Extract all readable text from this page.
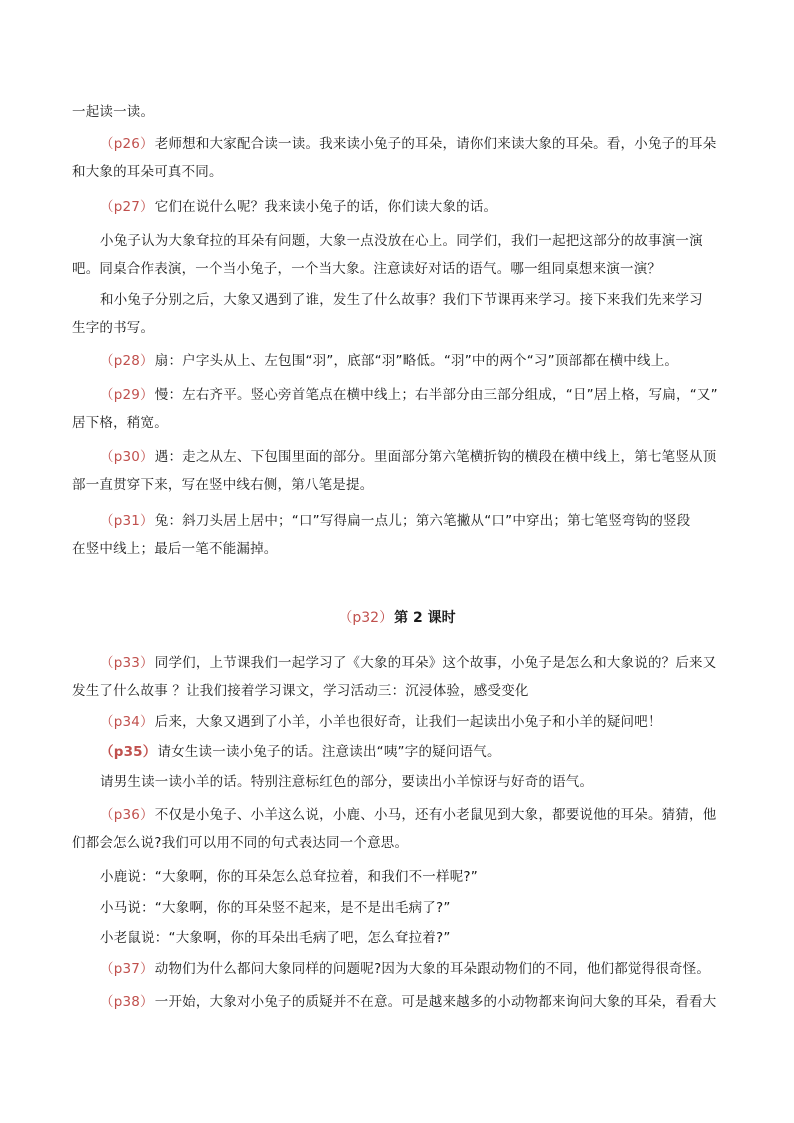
一起读一读。
（p26）老师想和大家配合读一读。我来读小兔子的耳朵，请你们来读大象的耳朵。看，小兔子的耳朵
和大象的耳朵可真不同。
（p27）它们在说什么呢？我来读小兔子的话，你们读大象的话。
小兔子认为大象耷拉的耳朵有问题，大象一点没放在心上。同学们，我们一起把这部分的故事演一演
吧。同桌合作表演，一个当小兔子，一个当大象。注意读好对话的语气。哪一组同桌想来演一演？
和小兔子分别之后，大象又遇到了谁，发生了什么故事？我们下节课再来学习。接下来我们先来学习
生字的书写。
（p28）扇：户字头从上、左包围“羽”，底部“羽”略低。“羽”中的两个“习”顶部都在横中线上。
（p29）慢：左右齐平。竖心旁首笔点在横中线上；右半部分由三部分组成，“日”居上格，写扁，“又”
居下格，稍宽。
（p30）遇：走之从左、下包围里面的部分。里面部分第六笔横折钩的横段在横中线上，第七笔竖从顶
部一直贯穿下来，写在竖中线右侧，第八笔是提。
（p31）兔：斜刀头居上居中；“口”写得扁一点儿；第六笔撇从“口”中穿出；第七笔竖弯钩的竖段
在竖中线上；最后一笔不能漏掉。
（p32）第 2 课时
（p33）同学们，上节课我们一起学习了《大象的耳朵》这个故事，小兔子是怎么和大象说的？后来又
发生了什么故事 ？让我们接着学习课文，学习活动三：沉浸体验，感受变化
（p34）后来，大象又遇到了小羊，小羊也很好奇，让我们一起读出小兔子和小羊的疑问吧！
（p35）请女生读一读小兔子的话。注意读出“咦”字的疑问语气。
请男生读一读小羊的话。特别注意标红色的部分，要读出小羊惊讶与好奇的语气。
（p36）不仅是小兔子、小羊这么说，小鹿、小马，还有小老鼠见到大象，都要说他的耳朵。猜猜，他
们都会怎么说?我们可以用不同的句式表达同一个意思。
小鹿说：“大象啊，你的耳朵怎么总耷拉着，和我们不一样呢?”
小马说：“大象啊，你的耳朵竖不起来，是不是出毛病了?”
小老鼠说：“大象啊，你的耳朵出毛病了吧，怎么耷拉着?”
（p37）动物们为什么都问大象同样的问题呢?因为大象的耳朵跟动物们的不同，他们都觉得很奇怪。
（p38）一开始，大象对小兔子的质疑并不在意。可是越来越多的小动物都来询问大象的耳朵，看看大
